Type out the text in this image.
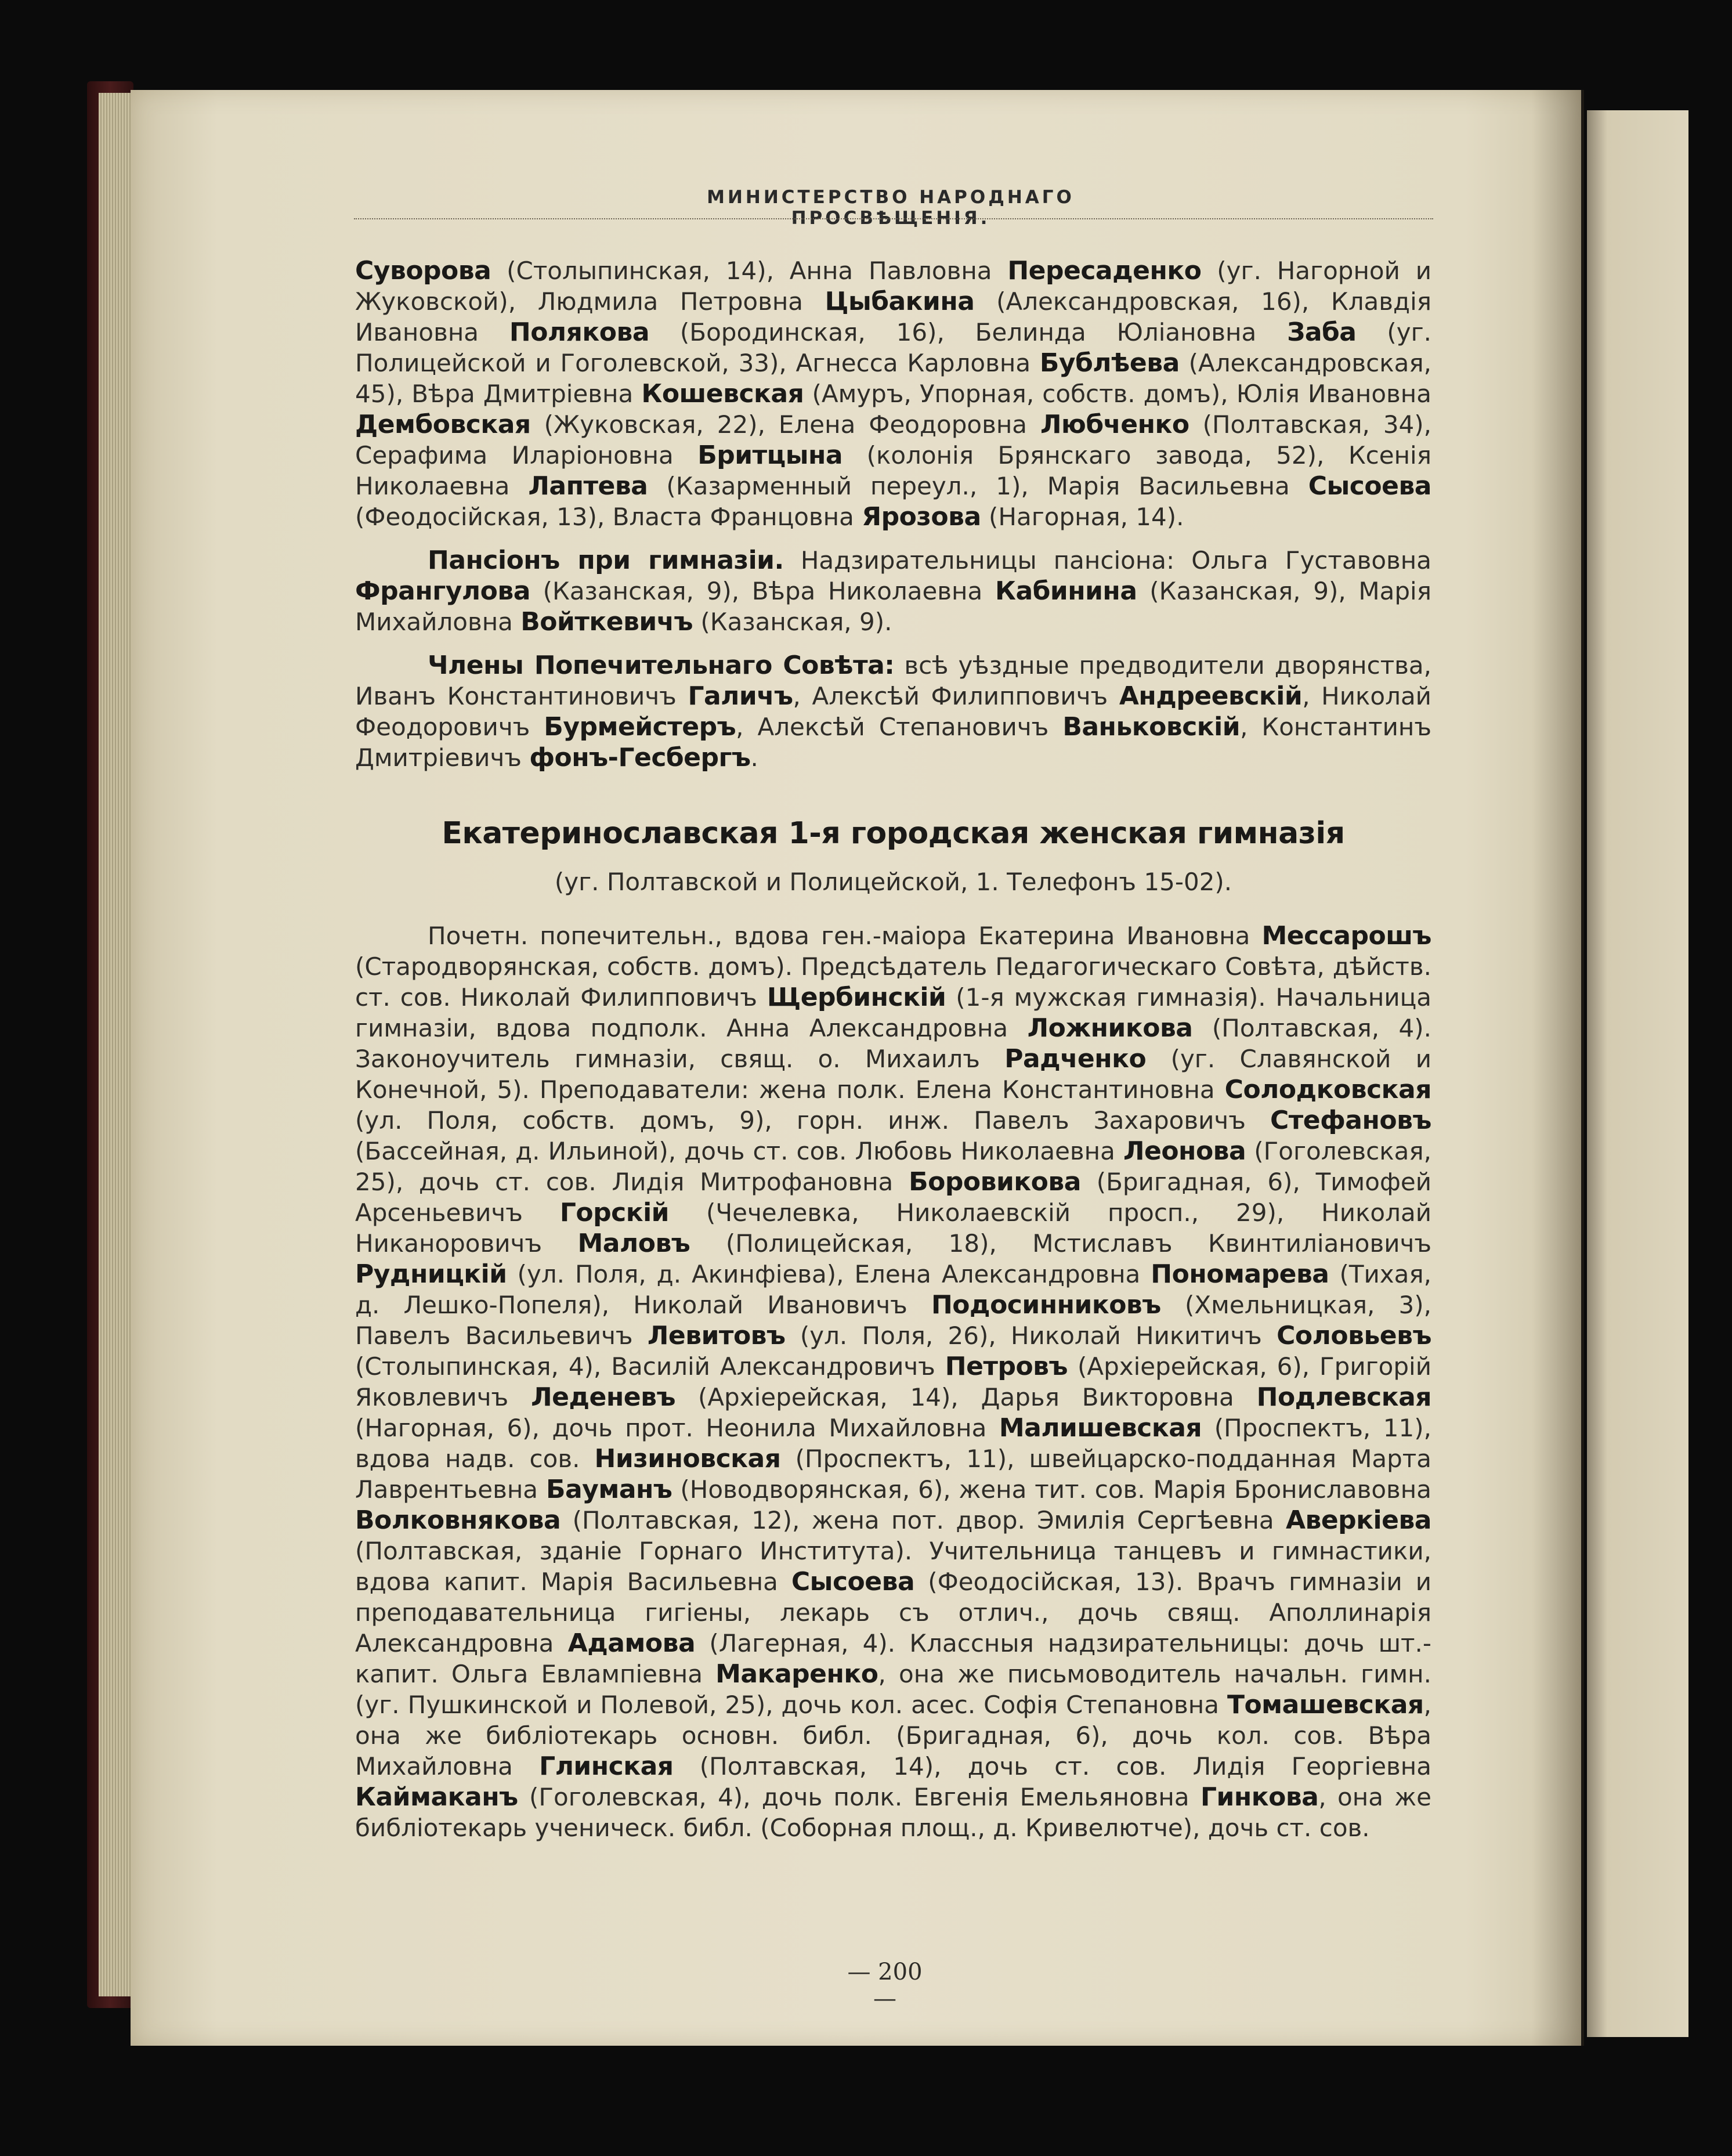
МИНИСТЕРСТВО НАРОДНАГО ПРОСВѢЩЕНІЯ.

Суворова (Столыпинская, 14), Анна Павловна Пересаденко (уг. Нагорной и Жуковской), Людмила Петровна Цыбакина (Александровская, 16), Клавдія Ивановна Полякова (Бородинская, 16), Белинда Юліановна Заба (уг. Полицейской и Гоголевской, 33), Агнесса Карловна Бублѣева (Александровская, 45), Вѣра Дмитріевна Кошевская (Амуръ, Упорная, собств. домъ), Юлія Ивановна Дембовская (Жуковская, 22), Елена Феодоровна Любченко (Полтавская, 34), Серафима Иларіоновна Бритцына (колонія Брянскаго завода, 52), Ксенія Николаевна Лаптева (Казарменный переул., 1), Марія Васильевна Сысоева (Феодосійская, 13), Власта Францовна Ярозова (Нагорная, 14).

Пансіонъ при гимназіи. Надзирательницы пансіона: Ольга Густавовна Франгулова (Казанская, 9), Вѣра Николаевна Кабинина (Казанская, 9), Марія Михайловна Войткевичъ (Казанская, 9).

Члены Попечительнаго Совѣта: всѣ уѣздные предводители дворянства, Иванъ Константиновичъ Галичъ, Алексѣй Филипповичъ Андреевскій, Николай Феодоровичъ Бурмейстеръ, Алексѣй Степановичъ Ваньковскій, Константинъ Дмитріевичъ фонъ-Гесбергъ.

Екатеринославская 1-я городская женская гимназія

(уг. Полтавской и Полицейской, 1. Телефонъ 15-02).

Почетн. попечительн., вдова ген.-маіора Екатерина Ивановна Мессарошъ (Стародворянская, собств. домъ). Предсѣдатель Педагогическаго Совѣта, дѣйств. ст. сов. Николай Филипповичъ Щербинскій (1-я мужская гимназія). Начальница гимназіи, вдова подполк. Анна Александровна Ложникова (Полтавская, 4). Законоучитель гимназіи, свящ. о. Михаилъ Радченко (уг. Славянской и Конечной, 5). Преподаватели: жена полк. Елена Константиновна Солодковская (ул. Поля, собств. домъ, 9), горн. инж. Павелъ Захаровичъ Стефановъ (Бассейная, д. Ильиной), дочь ст. сов. Любовь Николаевна Леонова (Гоголевская, 25), дочь ст. сов. Лидія Митрофановна Боровикова (Бригадная, 6), Тимофей Арсеньевичъ Горскій (Чечелевка, Николаевскій просп., 29), Николай Никаноровичъ Маловъ (Полицейская, 18), Мстиславъ Квинтиліановичъ Рудницкій (ул. Поля, д. Акинфіева), Елена Александровна Пономарева (Тихая, д. Лешко-Попеля), Николай Ивановичъ Подосинниковъ (Хмельницкая, 3), Павелъ Васильевичъ Левитовъ (ул. Поля, 26), Николай Никитичъ Соловьевъ (Столыпинская, 4), Василій Александровичъ Петровъ (Архіерейская, 6), Григорій Яковлевичъ Леденевъ (Архіерейская, 14), Дарья Викторовна Подлевская (Нагорная, 6), дочь прот. Неонила Михайловна Малишевская (Проспектъ, 11), вдова надв. сов. Низиновская (Проспектъ, 11), швейцарско-подданная Марта Лаврентьевна Бауманъ (Новодворянская, 6), жена тит. сов. Марія Брониславовна Волковнякова (Полтавская, 12), жена пот. двор. Эмилія Сергѣевна Аверкіева (Полтавская, зданіе Горнаго Института). Учительница танцевъ и гимнастики, вдова капит. Марія Васильевна Сысоева (Феодосійская, 13). Врачъ гимназіи и преподавательница гигіены, лекарь съ отлич., дочь свящ. Аполлинарія Александровна Адамова (Лагерная, 4). Классныя надзирательницы: дочь шт.-капит. Ольга Евлампіевна Макаренко, она же письмоводитель начальн. гимн. (уг. Пушкинской и Полевой, 25), дочь кол. асес. Софія Степановна Томашевская, она же библіотекарь основн. библ. (Бригадная, 6), дочь кол. сов. Вѣра Михайловна Глинская (Полтавская, 14), дочь ст. сов. Лидія Георгіевна Каймаканъ (Гоголевская, 4), дочь полк. Евгенія Емельяновна Гинкова, она же библіотекарь ученическ. библ. (Соборная площ., д. Кривелютче), дочь ст. сов.

— 200 —
